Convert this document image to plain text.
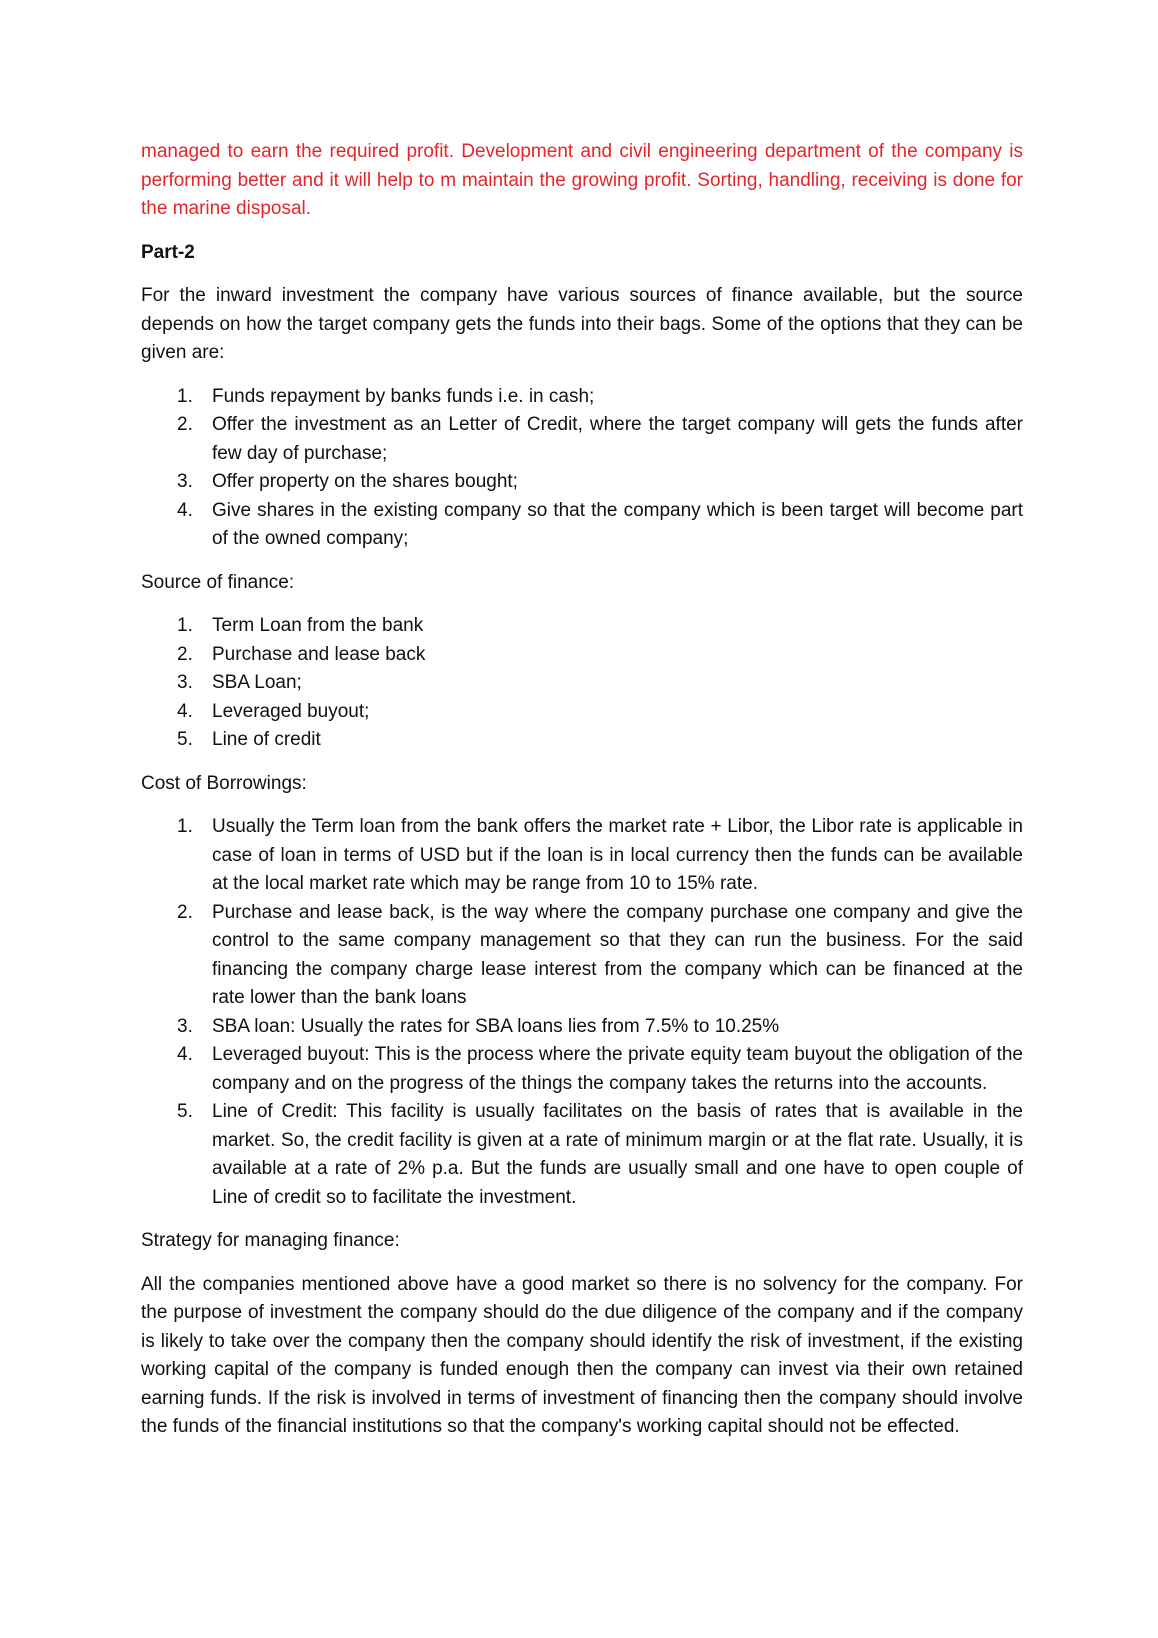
managed to earn the required profit. Development and civil engineering department of the company is performing better and it will help to m maintain the growing profit. Sorting, handling, receiving is done for the marine disposal.

Part-2

For the inward investment the company have various sources of finance available, but the source depends on how the target company gets the funds into their bags. Some of the options that they can be given are:

1. Funds repayment by banks funds i.e. in cash;
2. Offer the investment as an Letter of Credit, where the target company will gets the funds after few day of purchase;
3. Offer property on the shares bought;
4. Give shares in the existing company so that the company which is been target will become part of the owned company;

Source of finance:

1. Term Loan from the bank
2. Purchase and lease back
3. SBA Loan;
4. Leveraged buyout;
5. Line of credit

Cost of Borrowings:

1. Usually the Term loan from the bank offers the market rate + Libor, the Libor rate is applicable in case of loan in terms of USD but if the loan is in local currency then the funds can be available at the local market rate which may be range from 10 to 15% rate.
2. Purchase and lease back, is the way where the company purchase one company and give the control to the same company management so that they can run the business. For the said financing the company charge lease interest from the company which can be financed at the rate lower than the bank loans
3. SBA loan: Usually the rates for SBA loans lies from 7.5% to 10.25%
4. Leveraged buyout: This is the process where the private equity team buyout the obligation of the company and on the progress of the things the company takes the returns into the accounts.
5. Line of Credit: This facility is usually facilitates on the basis of rates that is available in the market. So, the credit facility is given at a rate of minimum margin or at the flat rate. Usually, it is available at a rate of 2% p.a. But the funds are usually small and one have to open couple of Line of credit so to facilitate the investment.

Strategy for managing finance:

All the companies mentioned above have a good market so there is no solvency for the company. For the purpose of investment the company should do the due diligence of the company and if the company is likely to take over the company then the company should identify the risk of investment, if the existing working capital of the company is funded enough then the company can invest via their own retained earning funds. If the risk is involved in terms of investment of financing then the company should involve the funds of the financial institutions so that the company's working capital should not be effected.
